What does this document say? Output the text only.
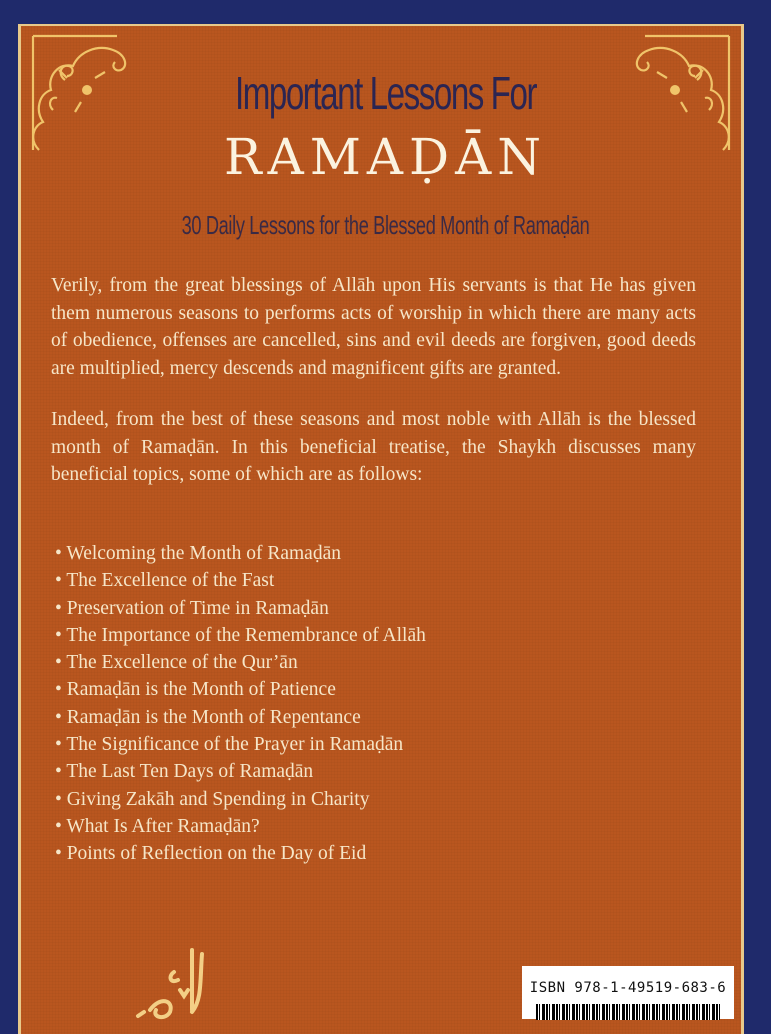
Important Lessons For
RAMAḌĀN
30 Daily Lessons for the Blessed Month of Ramaḍān

Verily, from the great blessings of Allāh upon His servants is that He has given them numerous seasons to performs acts of worship in which there are many acts of obedience, offenses are cancelled, sins and evil deeds are forgiven, good deeds are multiplied, mercy descends and magnificent gifts are granted.

Indeed, from the best of these seasons and most noble with Allāh is the blessed month of Ramaḍān. In this beneficial treatise, the Shaykh discusses many beneficial topics, some of which are as follows:

• Welcoming the Month of Ramaḍān
• The Excellence of the Fast
• Preservation of Time in Ramaḍān
• The Importance of the Remembrance of Allāh
• The Excellence of the Qur’ān
• Ramaḍān is the Month of Patience
• Ramaḍān is the Month of Repentance
• The Significance of the Prayer in Ramaḍān
• The Last Ten Days of Ramaḍān
• Giving Zakāh and Spending in Charity
• What Is After Ramaḍān?
• Points of Reflection on the Day of Eid
ISBN 978-1-49519-683-6
